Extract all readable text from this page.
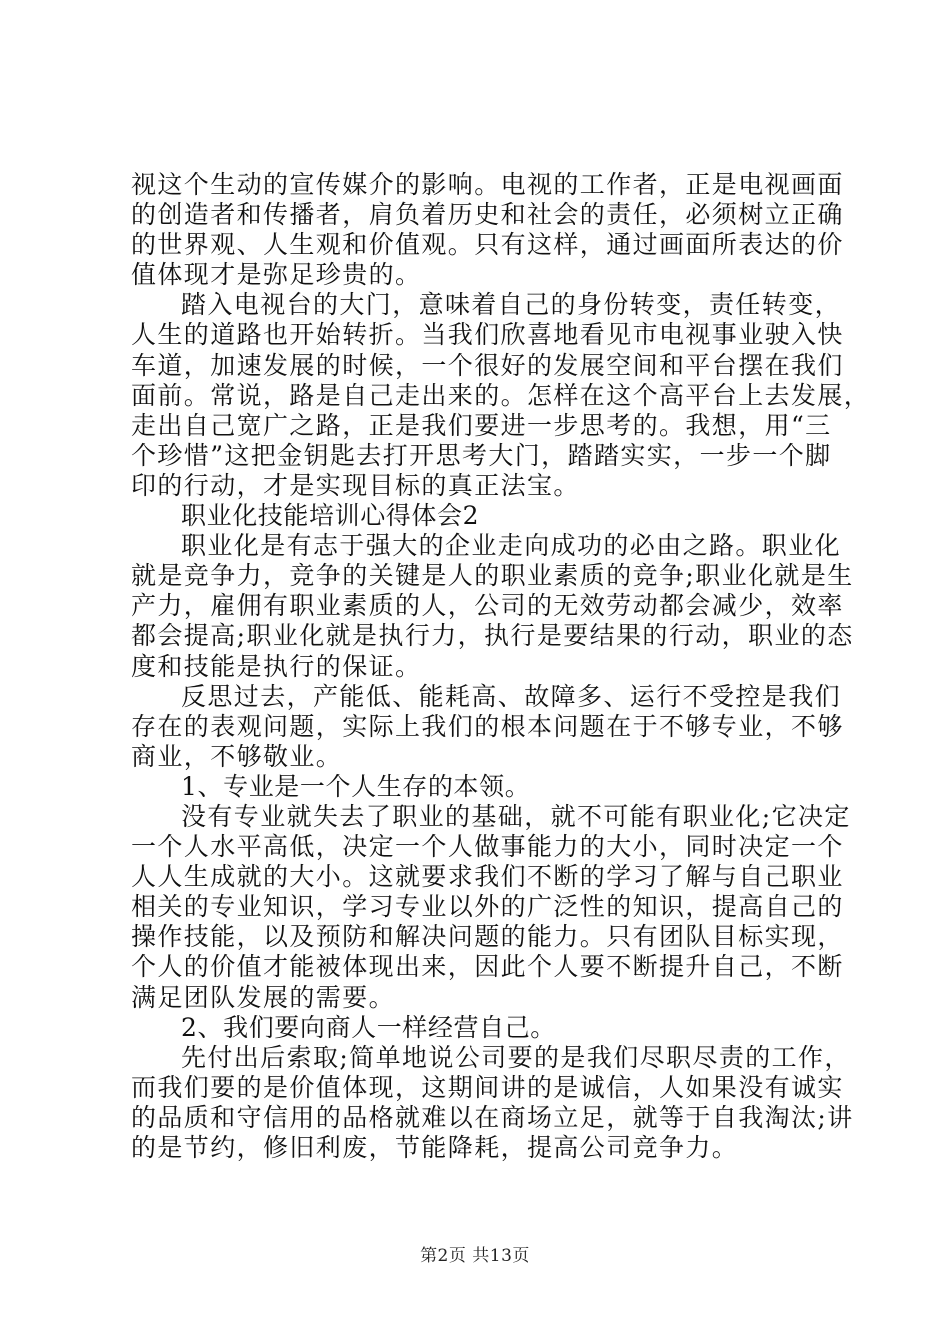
视这个生动的宣传媒介的影响。电视的工作者，正是电视画面
的创造者和传播者，肩负着历史和社会的责任，必须树立正确
的世界观、人生观和价值观。只有这样，通过画面所表达的价
值体现才是弥足珍贵的。
踏入电视台的大门，意味着自己的身份转变，责任转变，
人生的道路也开始转折。当我们欣喜地看见市电视事业驶入快
车道，加速发展的时候，一个很好的发展空间和平台摆在我们
面前。常说，路是自己走出来的。怎样在这个高平台上去发展，
走出自己宽广之路，正是我们要进一步思考的。我想，用“三
个珍惜”这把金钥匙去打开思考大门，踏踏实实，一步一个脚
印的行动，才是实现目标的真正法宝。
职业化技能培训心得体会2
职业化是有志于强大的企业走向成功的必由之路。职业化
就是竞争力，竞争的关键是人的职业素质的竞争;职业化就是生
产力，雇佣有职业素质的人，公司的无效劳动都会减少，效率
都会提高;职业化就是执行力，执行是要结果的行动，职业的态
度和技能是执行的保证。
反思过去，产能低、能耗高、故障多、运行不受控是我们
存在的表观问题，实际上我们的根本问题在于不够专业，不够
商业，不够敬业。
1、专业是一个人生存的本领。
没有专业就失去了职业的基础，就不可能有职业化;它决定
一个人水平高低，决定一个人做事能力的大小，同时决定一个
人人生成就的大小。这就要求我们不断的学习了解与自己职业
相关的专业知识，学习专业以外的广泛性的知识，提高自己的
操作技能，以及预防和解决问题的能力。只有团队目标实现，
个人的价值才能被体现出来，因此个人要不断提升自己，不断
满足团队发展的需要。
2、我们要向商人一样经营自己。
先付出后索取;简单地说公司要的是我们尽职尽责的工作，
而我们要的是价值体现，这期间讲的是诚信，人如果没有诚实
的品质和守信用的品格就难以在商场立足，就等于自我淘汰;讲
的是节约，修旧利废，节能降耗，提高公司竞争力。
第2页 共13页
